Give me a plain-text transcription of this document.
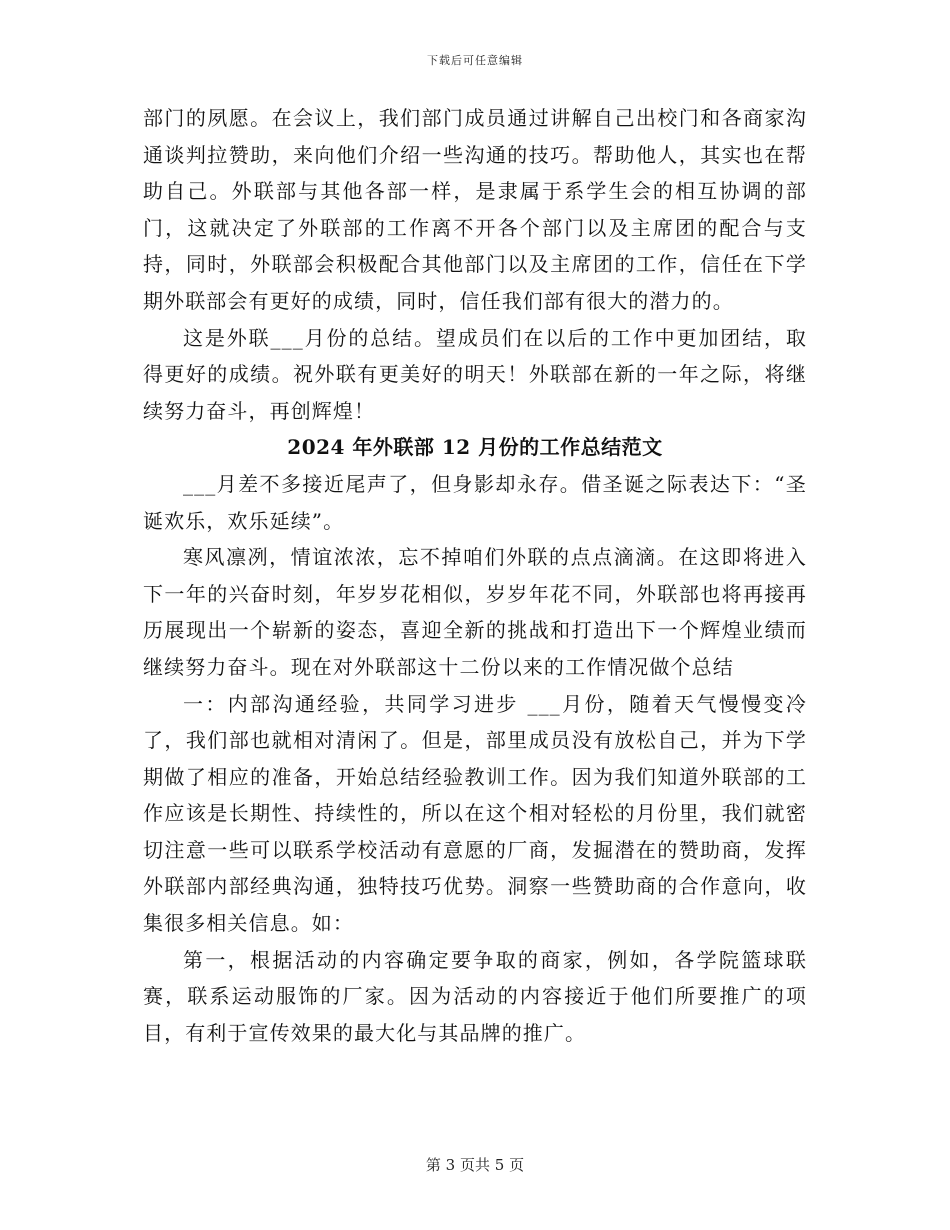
下载后可任意编辑

部门的夙愿。在会议上，我们部门成员通过讲解自己出校门和各商家沟通谈判拉赞助，来向他们介绍一些沟通的技巧。帮助他人，其实也在帮助自己。外联部与其他各部一样，是隶属于系学生会的相互协调的部门，这就决定了外联部的工作离不开各个部门以及主席团的配合与支持，同时，外联部会积极配合其他部门以及主席团的工作，信任在下学期外联部会有更好的成绩，同时，信任我们部有很大的潜力的。

这是外联___月份的总结。望成员们在以后的工作中更加团结，取得更好的成绩。祝外联有更美好的明天！外联部在新的一年之际，将继续努力奋斗，再创辉煌！

2024 年外联部 12 月份的工作总结范文

___月差不多接近尾声了，但身影却永存。借圣诞之际表达下：“圣诞欢乐，欢乐延续”。

寒风凛冽，情谊浓浓，忘不掉咱们外联的点点滴滴。在这即将进入下一年的兴奋时刻，年岁岁花相似，岁岁年花不同，外联部也将再接再历展现出一个崭新的姿态，喜迎全新的挑战和打造出下一个辉煌业绩而继续努力奋斗。现在对外联部这十二份以来的工作情况做个总结

一：内部沟通经验，共同学习进步 ___月份，随着天气慢慢变冷了，我们部也就相对清闲了。但是，部里成员没有放松自己，并为下学期做了相应的准备，开始总结经验教训工作。因为我们知道外联部的工作应该是长期性、持续性的，所以在这个相对轻松的月份里，我们就密切注意一些可以联系学校活动有意愿的厂商，发掘潜在的赞助商，发挥外联部内部经典沟通，独特技巧优势。洞察一些赞助商的合作意向，收集很多相关信息。如：

第一，根据活动的内容确定要争取的商家，例如，各学院篮球联赛，联系运动服饰的厂家。因为活动的内容接近于他们所要推广的项目，有利于宣传效果的最大化与其品牌的推广。

第 3 页共 5 页
